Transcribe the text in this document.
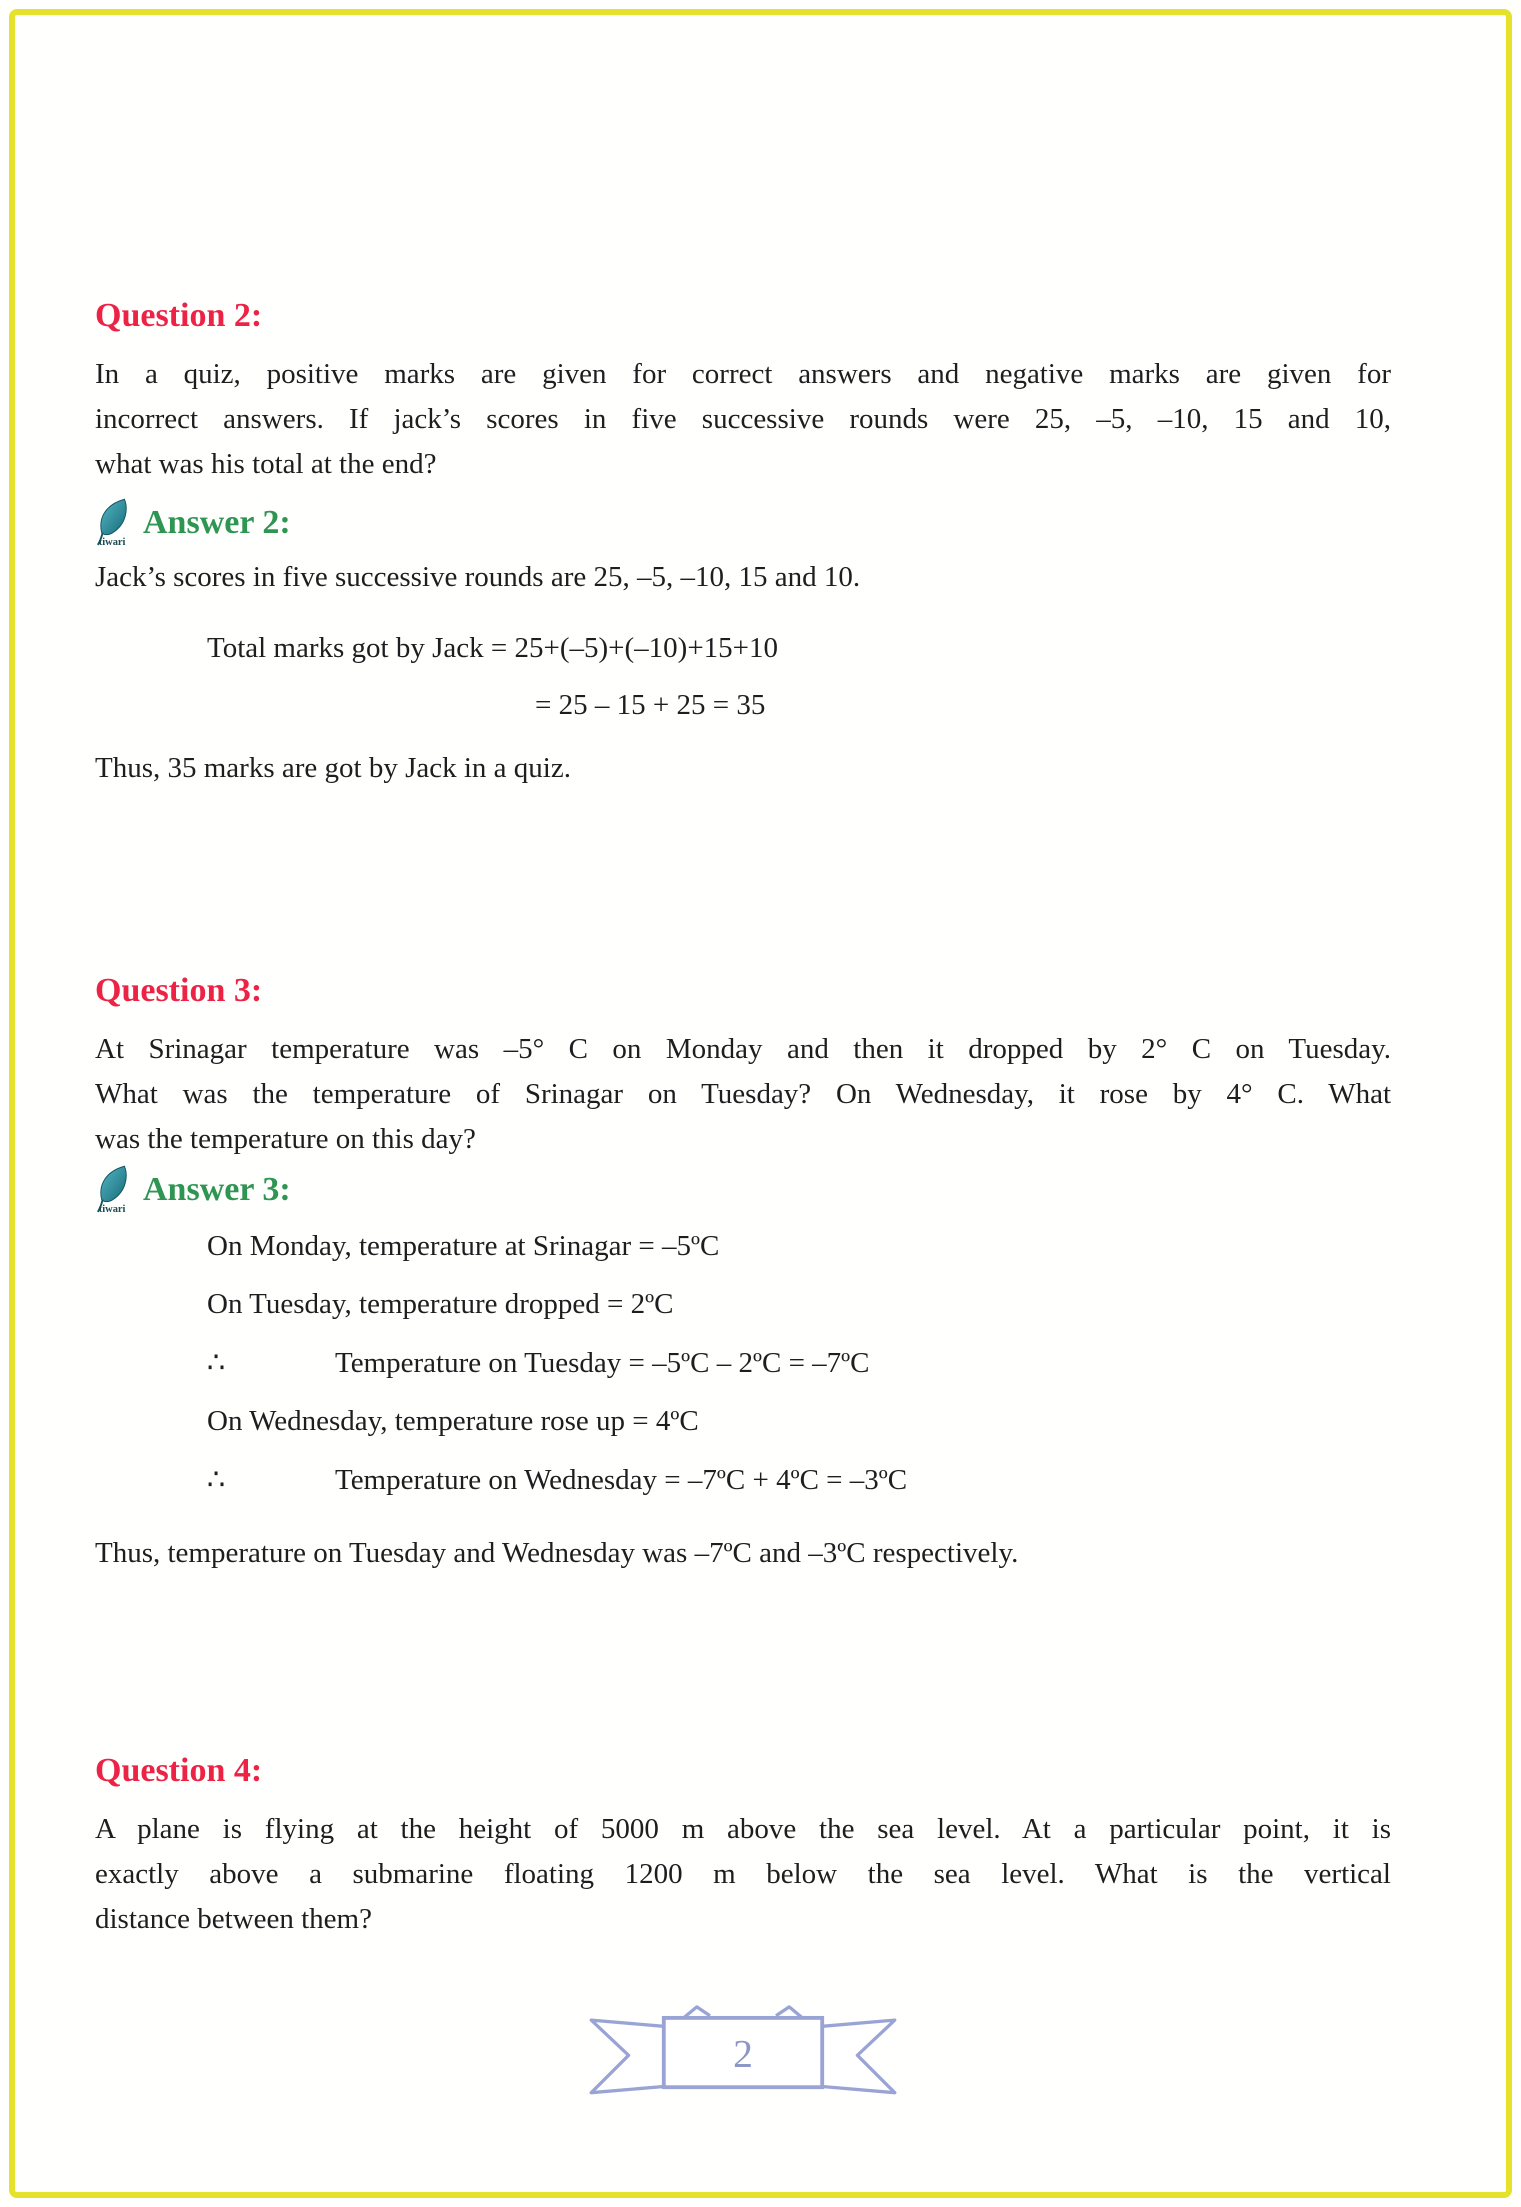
Question 2:
In a quiz, positive marks are given for correct answers and negative marks are given for
incorrect answers. If jack’s scores in five successive rounds were 25, –5, –10, 15 and 10,
what was his total at the end?
tiwari
Answer 2:
Jack’s scores in five successive rounds are 25, –5, –10, 15 and 10.
Total marks got by Jack = 25+(–5)+(–10)+15+10
= 25 – 15 + 25 = 35
Thus, 35 marks are got by Jack in a quiz.
Question 3:
At Srinagar temperature was –5° C on Monday and then it dropped by 2° C on Tuesday.
What was the temperature of Srinagar on Tuesday? On Wednesday, it rose by 4° C. What
was the temperature on this day?
tiwari
Answer 3:
On Monday, temperature at Srinagar = –5ºC
On Tuesday, temperature dropped = 2ºC
∴	Temperature on Tuesday = –5ºC – 2ºC = –7ºC
On Wednesday, temperature rose up = 4ºC
∴	Temperature on Wednesday = –7ºC + 4ºC = –3ºC
Thus, temperature on Tuesday and Wednesday was –7ºC and –3ºC respectively.
Question 4:
A plane is flying at the height of 5000 m above the sea level. At a particular point, it is
exactly above a submarine floating 1200 m below the sea level. What is the vertical
distance between them?
2
